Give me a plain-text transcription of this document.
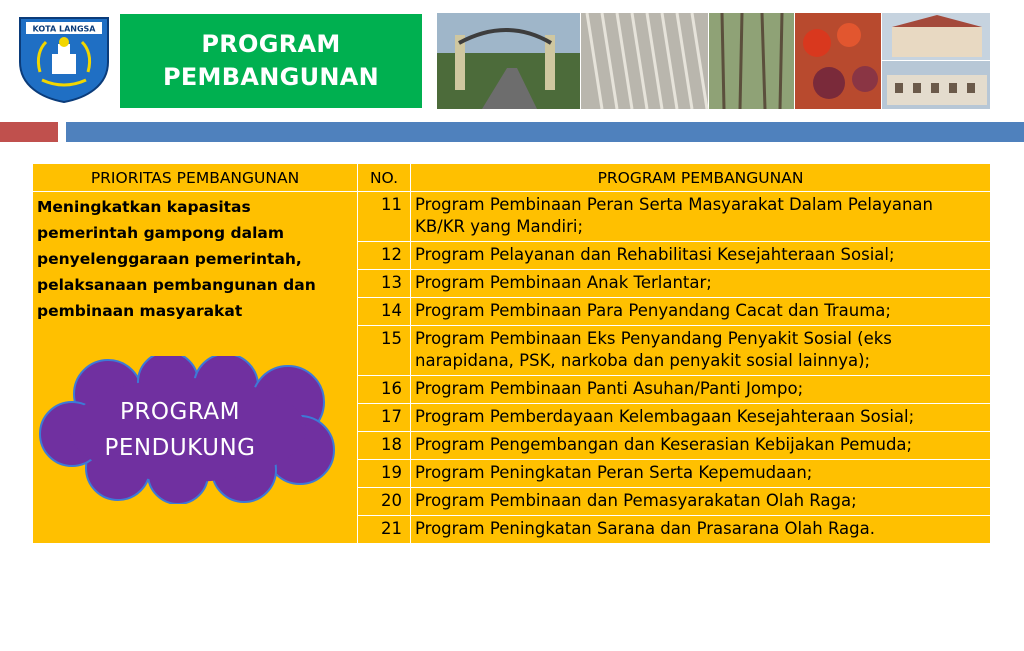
KOTA LANGSA
PROGRAM
PEMBANGUNAN
PRIORITAS PEMBANGUNAN	NO.	PROGRAM PEMBANGUNAN
Meningkatkan kapasitas pemerintah gampong dalam penyelenggaraan pemerintah, pelaksanaan pembangunan dan pembinaan masyarakat	11	Program Pembinaan Peran Serta Masyarakat Dalam Pelayanan KB/KR yang Mandiri;
	12	Program Pelayanan dan Rehabilitasi Kesejahteraan Sosial;
	13	Program Pembinaan Anak Terlantar;
	14	Program Pembinaan Para Penyandang Cacat dan Trauma;
	15	Program Pembinaan Eks Penyandang Penyakit Sosial (eks narapidana, PSK, narkoba dan penyakit sosial lainnya);
	16	Program Pembinaan Panti Asuhan/Panti Jompo;
	17	Program Pemberdayaan Kelembagaan Kesejahteraan Sosial;
	18	Program Pengembangan dan Keserasian Kebijakan Pemuda;
	19	Program Peningkatan Peran Serta Kepemudaan;
	20	Program Pembinaan dan Pemasyarakatan Olah Raga;
	21	Program Peningkatan Sarana dan Prasarana Olah Raga.
PROGRAM
PENDUKUNG
